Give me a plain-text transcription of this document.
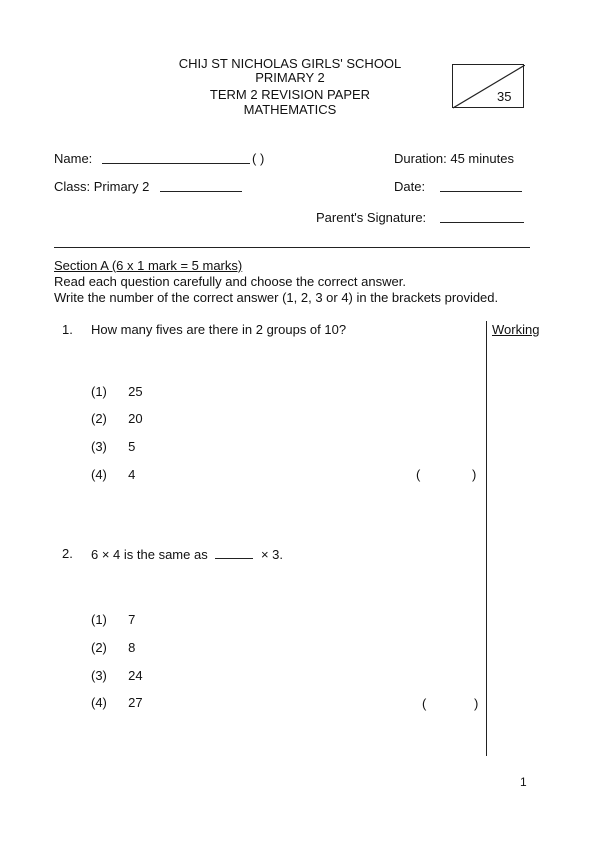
CHIJ ST NICHOLAS GIRLS' SCHOOL
PRIMARY 2
TERM 2 REVISION PAPER
MATHEMATICS
35
Name:	( )	Duration: 45 minutes
Class: Primary 2	Date:
Parent's Signature:
Section A (6 x 1 mark = 5 marks)
Read each question carefully and choose the correct answer.
Write the number of the correct answer (1, 2, 3 or 4) in the brackets provided.
Working
1. How many fives are there in 2 groups of 10?
(1) 25
(2) 20
(3) 5
(4) 4	(	)
2. 6 × 4 is the same as	× 3.
(1) 7
(2) 8
(3) 24
(4) 27	(	)
1
